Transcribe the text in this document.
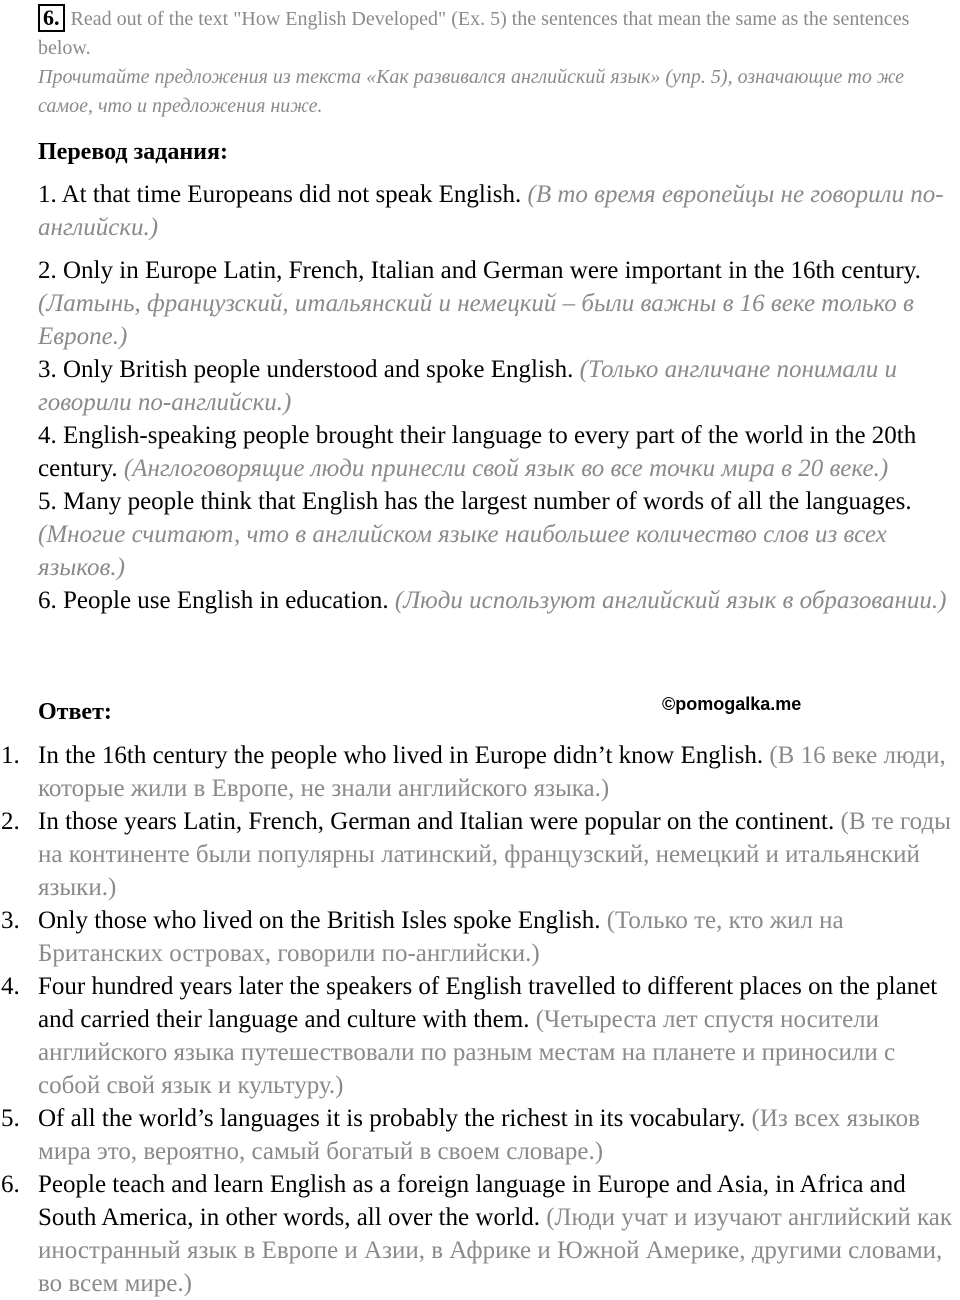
6. Read out of the text "How English Developed" (Ex. 5) the sentences that mean the same as the sentences below.
Прочитайте предложения из текста «Как развивался английский язык» (упр. 5), означающие то же самое, что и предложения ниже.
Перевод задания:

1. At that time Europeans did not speak English. (В то время европейцы не говорили по-английски.)

2. Only in Europe Latin, French, Italian and German were important in the 16th century. (Латынь, французский, итальянский и немецкий – были важны в 16 веке только в Европе.)

3. Only British people understood and spoke English. (Только англичане понимали и говорили по-английски.)

4. English-speaking people brought their language to every part of the world in the 20th century. (Англоговорящие люди принесли свой язык во все точки мира в 20 веке.)

5. Many people think that English has the largest number of words of all the languages. (Многие считают, что в английском языке наибольшее количество слов из всех языков.)

6. People use English in education. (Люди используют английский язык в образовании.)

Ответ:	©pomogalka.me
1. In the 16th century the people who lived in Europe didn’t know English. (В 16 веке люди, которые жили в Европе, не знали английского языка.)
2. In those years Latin, French, German and Italian were popular on the continent. (В те годы на континенте были популярны латинский, французский, немецкий и итальянский языки.)
3. Only those who lived on the British Isles spoke English. (Только те, кто жил на Британских островах, говорили по-английски.)
4. Four hundred years later the speakers of English travelled to different places on the planet and carried their language and culture with them. (Четыреста лет спустя носители английского языка путешествовали по разным местам на планете и приносили с собой свой язык и культуру.)
5. Of all the world’s languages it is probably the richest in its vocabulary. (Из всех языков мира это, вероятно, самый богатый в своем словаре.)
6. People teach and learn English as a foreign language in Europe and Asia, in Africa and South America, in other words, all over the world. (Люди учат и изучают английский как иностранный язык в Европе и Азии, в Африке и Южной Америке, другими словами, во всем мире.)
